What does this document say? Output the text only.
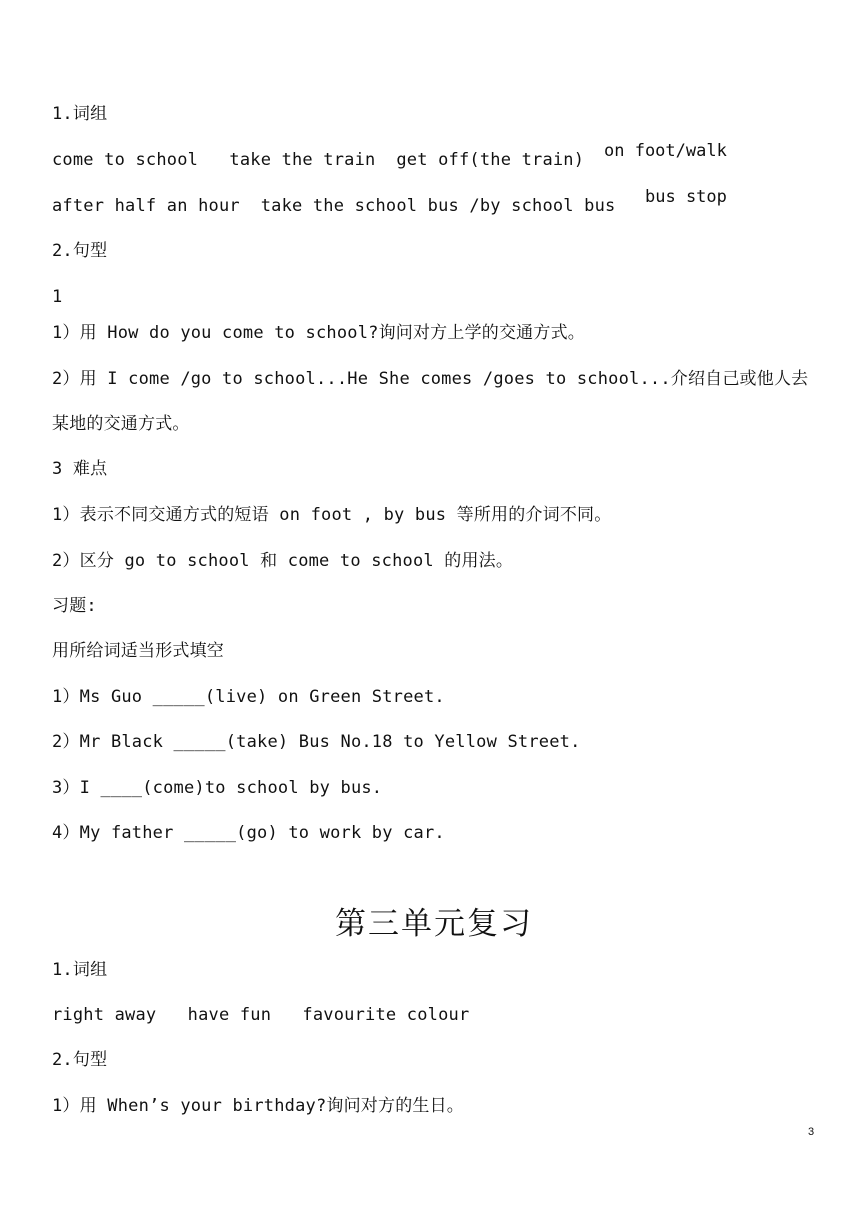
1.词组
come to school   take the train  get off(the train) on foot/walk
after half an hour  take the school bus /by school bus bus stop
2.句型
1
1）用 How do you come to school?询问对方上学的交通方式。
2）用 I come /go to school...He She comes /goes to school...介绍自己或他人去
某地的交通方式。
3 难点
1）表示不同交通方式的短语 on foot , by bus 等所用的介词不同。
2）区分 go to school 和 come to school 的用法。
习题:
用所给词适当形式填空
1）Ms Guo _____(live) on Green Street.
2）Mr Black _____(take) Bus No.18 to Yellow Street.
3）I ____(come)to school by bus.
4）My father _____(go) to work by car.
第三单元复习
1.词组
right away   have fun   favourite colour
2.句型
1）用 When’s your birthday?询问对方的生日。
3
